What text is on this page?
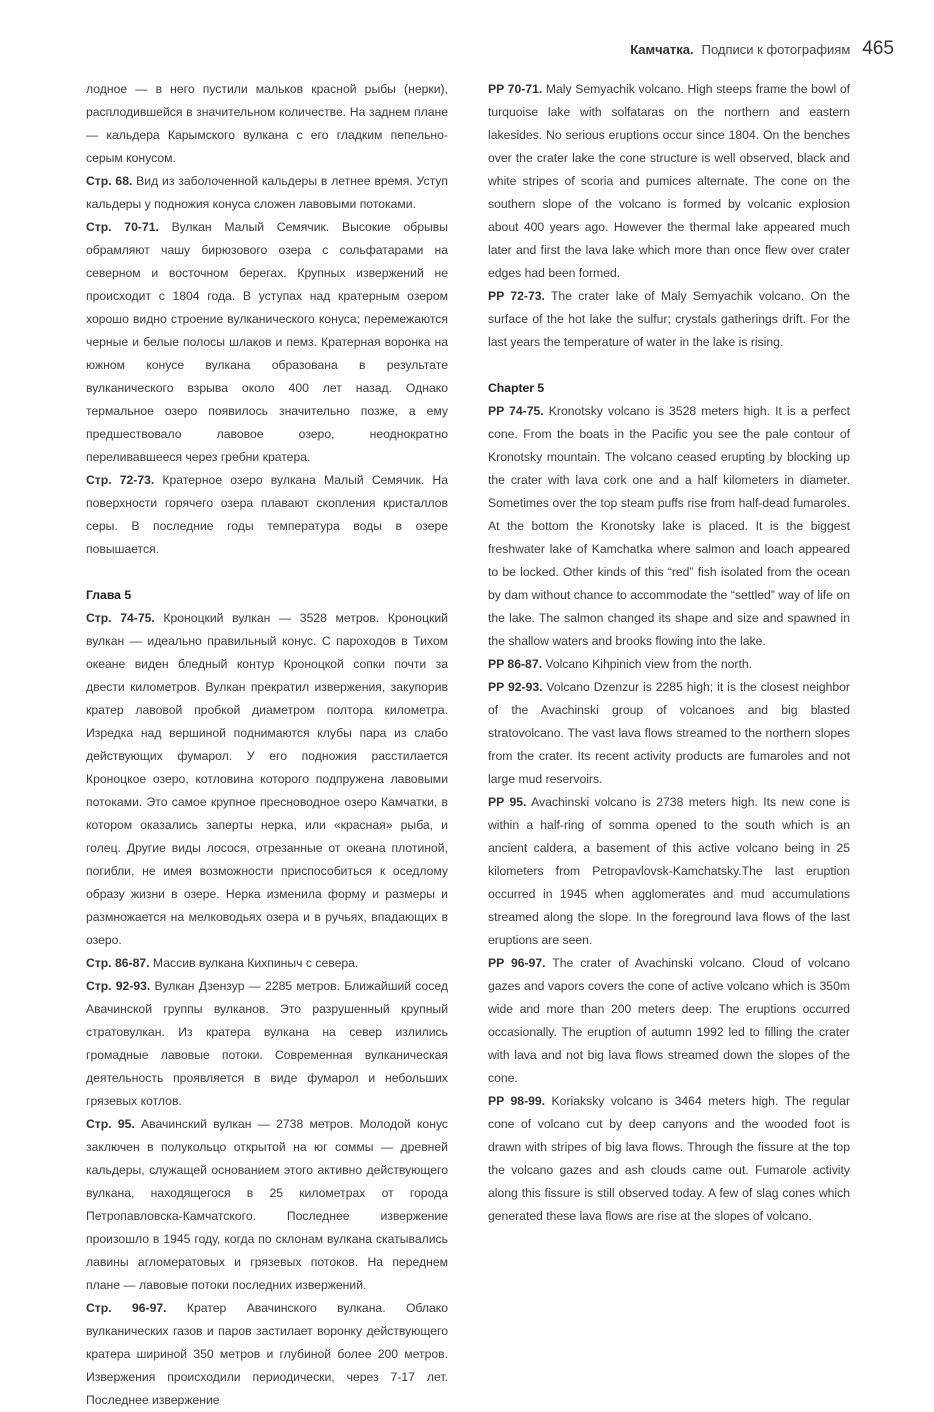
Камчатка. Подписи к фотографиям 465

лодное — в него пустили мальков красной рыбы (нерки), расплодившейся в значительном количестве. На заднем плане — кальдера Карымского вулкана с его гладким пепельно-серым конусом.

Стр. 68. Вид из заболоченной кальдеры в летнее время. Уступ кальдеры у подножия конуса сложен лавовыми потоками.

Стр. 70-71. Вулкан Малый Семячик. Высокие обрывы обрамляют чашу бирюзового озера с сольфатарами на северном и восточном берегах. Крупных извержений не происходит с 1804 года. В уступах над кратерным озером хорошо видно строение вулканического конуса; перемежаются черные и белые полосы шлаков и пемз. Кратерная воронка на южном конусе вулкана образована в результате вулканического взрыва около 400 лет назад. Однако термальное озеро появилось значительно позже, а ему предшествовало лавовое озеро, неоднократно переливавшееся через гребни кратера.

Стр. 72-73. Кратерное озеро вулкана Малый Семячик. На поверхности горячего озера плавают скопления кристаллов серы. В последние годы температура воды в озере повышается.

Глава 5

Стр. 74-75. Кроноцкий вулкан — 3528 метров. Кроноцкий вулкан — идеально правильный конус. С пароходов в Тихом океане виден бледный контур Кроноцкой сопки почти за двести километров. Вулкан прекратил извержения, закупорив кратер лавовой пробкой диаметром полтора километра. Изредка над вершиной поднимаются клубы пара из слабо действующих фумарол. У его подножия расстилается Кроноцкое озеро, котловина которого подпружена лавовыми потоками. Это самое крупное пресноводное озеро Камчатки, в котором оказались заперты нерка, или «красная» рыба, и голец. Другие виды лосося, отрезанные от океана плотиной, погибли, не имея возможности приспособиться к оседлому образу жизни в озере. Нерка изменила форму и размеры и размножается на мелководьях озера и в ручьях, впадающих в озеро.

Стр. 86-87. Массив вулкана Кихпиныч с севера.

Стр. 92-93. Вулкан Дзензур — 2285 метров. Ближайший сосед Авачинской группы вулканов. Это разрушенный крупный стратовулкан. Из кратера вулкана на север излились громадные лавовые потоки. Современная вулканическая деятельность проявляется в виде фумарол и небольших грязевых котлов.

Стр. 95. Авачинский вулкан — 2738 метров. Молодой конус заключен в полукольцо открытой на юг соммы — древней кальдеры, служащей основанием этого активно действующего вулкана, находящегося в 25 километрах от города Петропавловска-Камчатского. Последнее извержение произошло в 1945 году, когда по склонам вулкана скатывались лавины агломератовых и грязевых потоков. На переднем плане — лавовые потоки последних извержений.

Стр. 96-97. Кратер Авачинского вулкана. Облако вулканических газов и паров застилает воронку действующего кратера шириной 350 метров и глубиной более 200 метров. Извержения происходили периодически, через 7-17 лет. Последнее извержение

PP 70-71. Maly Semyachik volcano. High steeps frame the bowl of turquoise lake with solfataras on the northern and eastern lakesides. No serious eruptions occur since 1804. On the benches over the crater lake the cone structure is well observed, black and white stripes of scoria and pumices alternate. The cone on the southern slope of the volcano is formed by volcanic explosion about 400 years ago. However the thermal lake appeared much later and first the lava lake which more than once flew over crater edges had been formed.

PP 72-73. The crater lake of Maly Semyachik volcano. On the surface of the hot lake the sulfur; crystals gatherings drift. For the last years the temperature of water in the lake is rising.

Chapter 5

PP 74-75. Kronotsky volcano is 3528 meters high. It is a perfect cone. From the boats in the Pacific you see the pale contour of Kronotsky mountain. The volcano ceased erupting by blocking up the crater with lava cork one and a half kilometers in diameter. Sometimes over the top steam puffs rise from half-dead fumaroles. At the bottom the Kronotsky lake is placed. It is the biggest freshwater lake of Kamchatka where salmon and loach appeared to be locked. Other kinds of this “red” fish isolated from the ocean by dam without chance to accommodate the “settled” way of life on the lake. The salmon changed its shape and size and spawned in the shallow waters and brooks flowing into the lake.

PP 86-87. Volcano Kihpinich view from the north.

PP 92-93. Volcano Dzenzur is 2285 high; it is the closest neighbor of the Avachinski group of volcanoes and big blasted stratovolcano. The vast lava flows streamed to the northern slopes from the crater. Its recent activity products are fumaroles and not large mud reservoirs.

PP 95. Avachinski volcano is 2738 meters high. Its new cone is within a half-ring of somma opened to the south which is an ancient caldera, a basement of this active volcano being in 25 kilometers from Petropavlovsk-Kamchatsky.The last eruption occurred in 1945 when agglomerates and mud accumulations streamed along the slope. In the foreground lava flows of the last eruptions are seen.

PP 96-97. The crater of Avachinski volcano. Cloud of volcano gazes and vapors covers the cone of active volcano which is 350m wide and more than 200 meters deep. The eruptions occurred occasionally. The eruption of autumn 1992 led to filling the crater with lava and not big lava flows streamed down the slopes of the cone.

PP 98-99. Koriaksky volcano is 3464 meters high. The regular cone of volcano cut by deep canyons and the wooded foot is drawn with stripes of big lava flows. Through the fissure at the top the volcano gazes and ash clouds came out. Fumarole activity along this fissure is still observed today. A few of slag cones which generated these lava flows are rise at the slopes of volcano.
